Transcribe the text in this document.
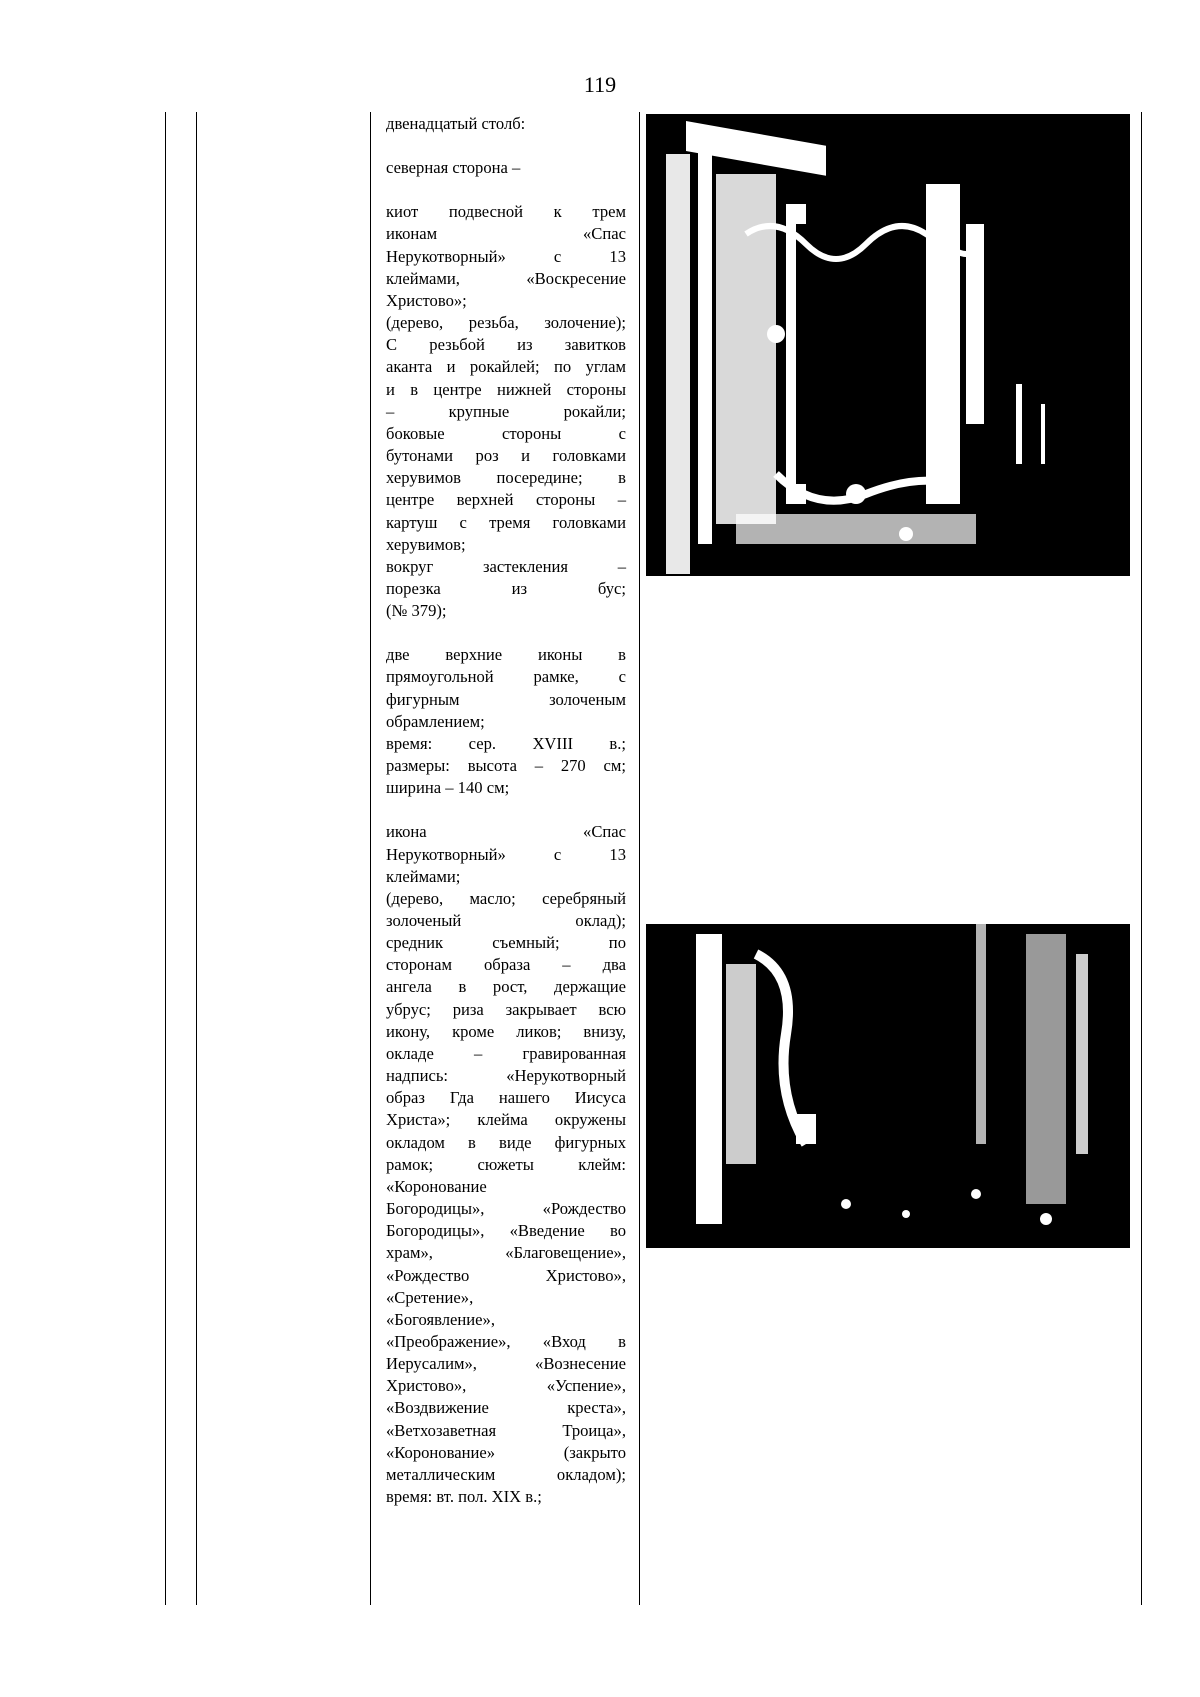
119
двенадцатый столб:
северная сторона –
киот подвесной к трем
иконам «Спас
Нерукотворный» с 13
клеймами, «Воскресение
Христово»;
(дерево, резьба, золочение);
С резьбой из завитков
аканта и рокайлей; по углам
и в центре нижней стороны
– крупные рокайли;
боковые стороны с
бутонами роз и головками
херувимов посередине; в
центре верхней стороны –
картуш с тремя головками
херувимов;
вокруг застекления –
порезка из бус;
(№ 379);
две верхние иконы в
прямоугольной рамке, с
фигурным золоченым
обрамлением;
время: сер. XVIII в.;
размеры: высота – 270 см;
ширина – 140 см;
икона «Спас
Нерукотворный» с 13
клеймами;
(дерево, масло; серебряный
золоченый оклад);
средник съемный; по
сторонам образа – два
ангела в рост, держащие
убрус; риза закрывает всю
икону, кроме ликов; внизу,
окладе – гравированная
надпись: «Нерукотворный
образ Гда нашего Иисуса
Христа»; клейма окружены
окладом в виде фигурных
рамок; сюжеты клейм:
«Коронование
Богородицы», «Рождество
Богородицы», «Введение во
храм», «Благовещение»,
«Рождество Христово»,
«Сретение»,
«Богоявление»,
«Преображение», «Вход в
Иерусалим», «Вознесение
Христово», «Успение»,
«Воздвижение креста»,
«Ветхозаветная Троица»,
«Коронование» (закрыто
металлическим окладом);
время: вт. пол. XIX в.;
